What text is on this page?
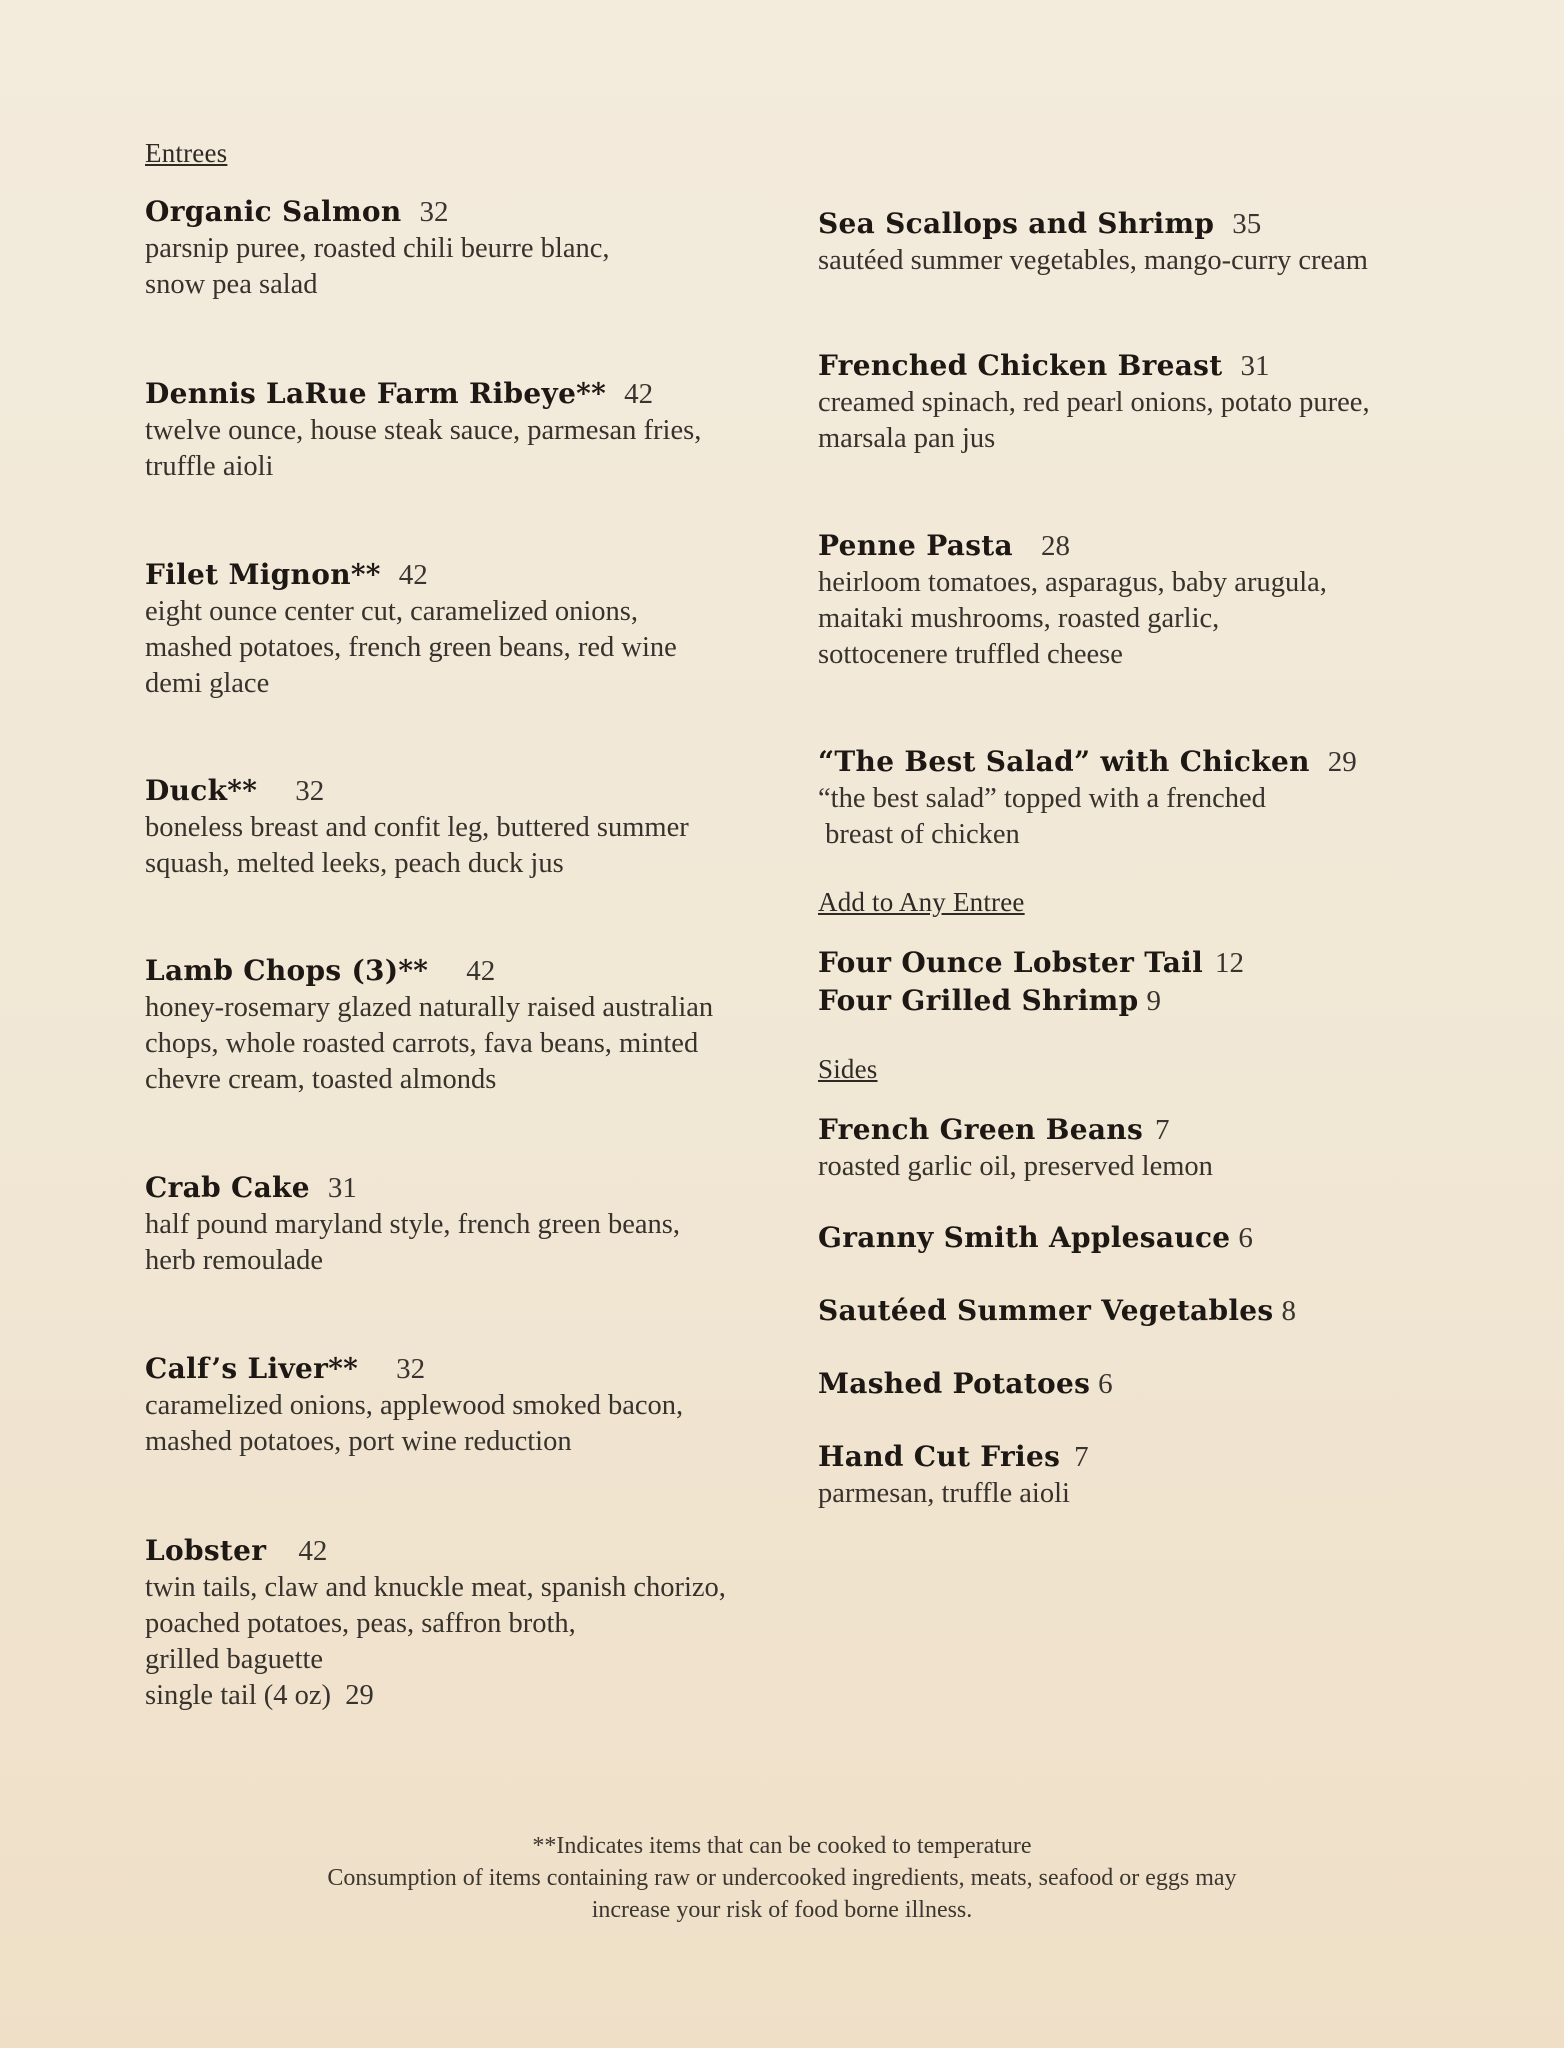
Entrees
Organic Salmon 32
parsnip puree, roasted chili beurre blanc,
snow pea salad
Dennis LaRue Farm Ribeye** 42
twelve ounce, house steak sauce, parmesan fries,
truffle aioli
Filet Mignon** 42
eight ounce center cut, caramelized onions,
mashed potatoes, french green beans, red wine
demi glace
Duck** 32
boneless breast and confit leg, buttered summer
squash, melted leeks, peach duck jus
Lamb Chops (3)** 42
honey-rosemary glazed naturally raised australian
chops, whole roasted carrots, fava beans, minted
chevre cream, toasted almonds
Crab Cake 31
half pound maryland style, french green beans,
herb remoulade
Calf’s Liver** 32
caramelized onions, applewood smoked bacon,
mashed potatoes, port wine reduction
Lobster 42
twin tails, claw and knuckle meat, spanish chorizo,
poached potatoes, peas, saffron broth,
grilled baguette
single tail (4 oz)  29
Sea Scallops and Shrimp 35
sautéed summer vegetables, mango-curry cream
Frenched Chicken Breast 31
creamed spinach, red pearl onions, potato puree,
marsala pan jus
Penne Pasta 28
heirloom tomatoes, asparagus, baby arugula,
maitaki mushrooms, roasted garlic,
sottocenere truffled cheese
“The Best Salad” with Chicken 29
“the best salad” topped with a frenched
breast of chicken
Add to Any Entree
Four Ounce Lobster Tail 12
Four Grilled Shrimp 9
Sides
French Green Beans 7
roasted garlic oil, preserved lemon
Granny Smith Applesauce 6
Sautéed Summer Vegetables 8
Mashed Potatoes 6
Hand Cut Fries 7
parmesan, truffle aioli
**Indicates items that can be cooked to temperature
Consumption of items containing raw or undercooked ingredients, meats, seafood or eggs may
increase your risk of food borne illness.
